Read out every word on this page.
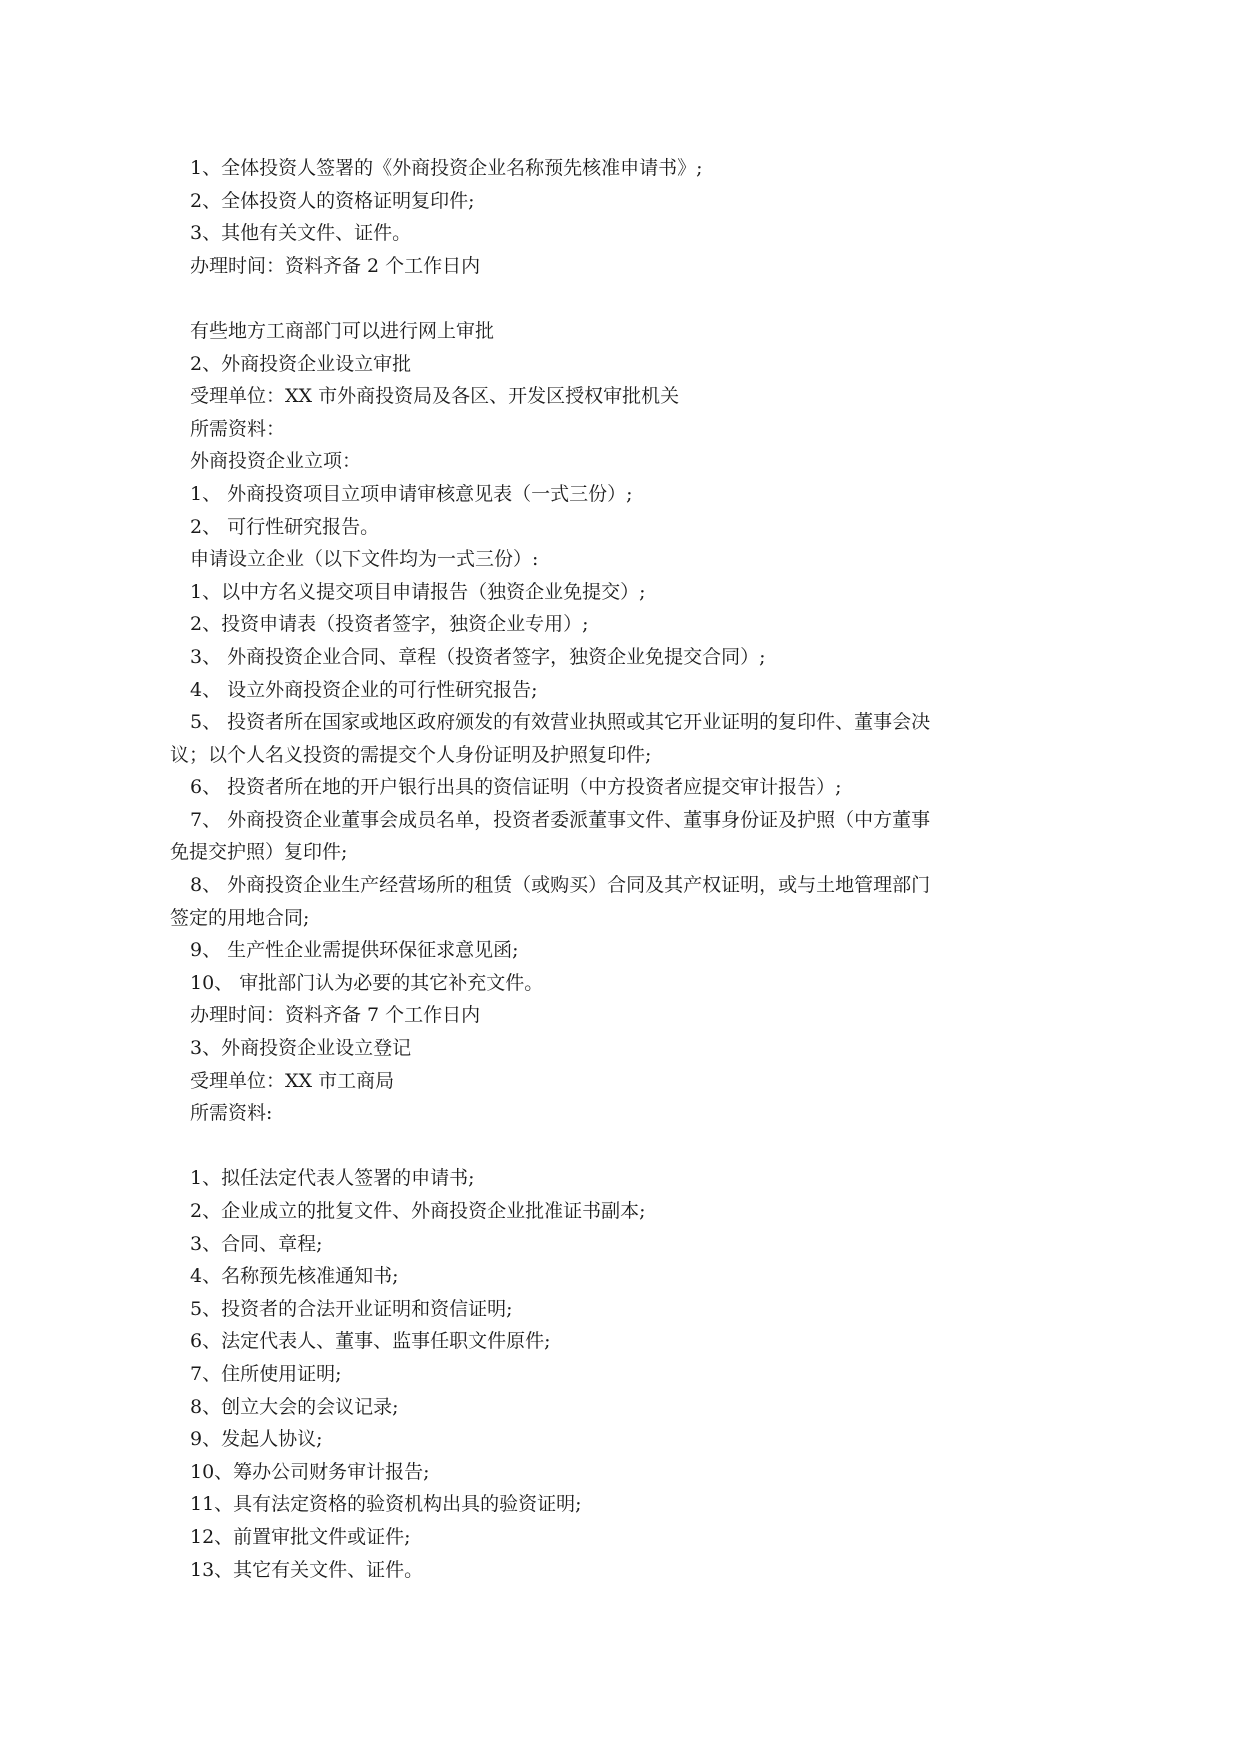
1、全体投资人签署的《外商投资企业名称预先核准申请书》;
2、全体投资人的资格证明复印件;
3、其他有关文件、证件。
办理时间：资料齐备 2 个工作日内
有些地方工商部门可以进行网上审批
2、外商投资企业设立审批
受理单位：XX 市外商投资局及各区、开发区授权审批机关
所需资料：
外商投资企业立项：
1、 外商投资项目立项申请审核意见表（一式三份）;
2、 可行性研究报告。
申请设立企业（以下文件均为一式三份）:
1、以中方名义提交项目申请报告（独资企业免提交）;
2、投资申请表（投资者签字，独资企业专用）;
3、 外商投资企业合同、章程（投资者签字，独资企业免提交合同）;
4、 设立外商投资企业的可行性研究报告;
5、 投资者所在国家或地区政府颁发的有效营业执照或其它开业证明的复印件、董事会决
议；以个人名义投资的需提交个人身份证明及护照复印件;
6、 投资者所在地的开户银行出具的资信证明（中方投资者应提交审计报告）;
7、 外商投资企业董事会成员名单，投资者委派董事文件、董事身份证及护照（中方董事
免提交护照）复印件;
8、 外商投资企业生产经营场所的租赁（或购买）合同及其产权证明，或与土地管理部门
签定的用地合同;
9、 生产性企业需提供环保征求意见函;
10、 审批部门认为必要的其它补充文件。
办理时间：资料齐备 7 个工作日内
3、外商投资企业设立登记
受理单位：XX 市工商局
所需资料:
1、拟任法定代表人签署的申请书;
2、企业成立的批复文件、外商投资企业批准证书副本;
3、合同、章程;
4、名称预先核准通知书;
5、投资者的合法开业证明和资信证明;
6、法定代表人、董事、监事任职文件原件;
7、住所使用证明;
8、创立大会的会议记录;
9、发起人协议;
10、筹办公司财务审计报告;
11、具有法定资格的验资机构出具的验资证明;
12、前置审批文件或证件;
13、其它有关文件、证件。
